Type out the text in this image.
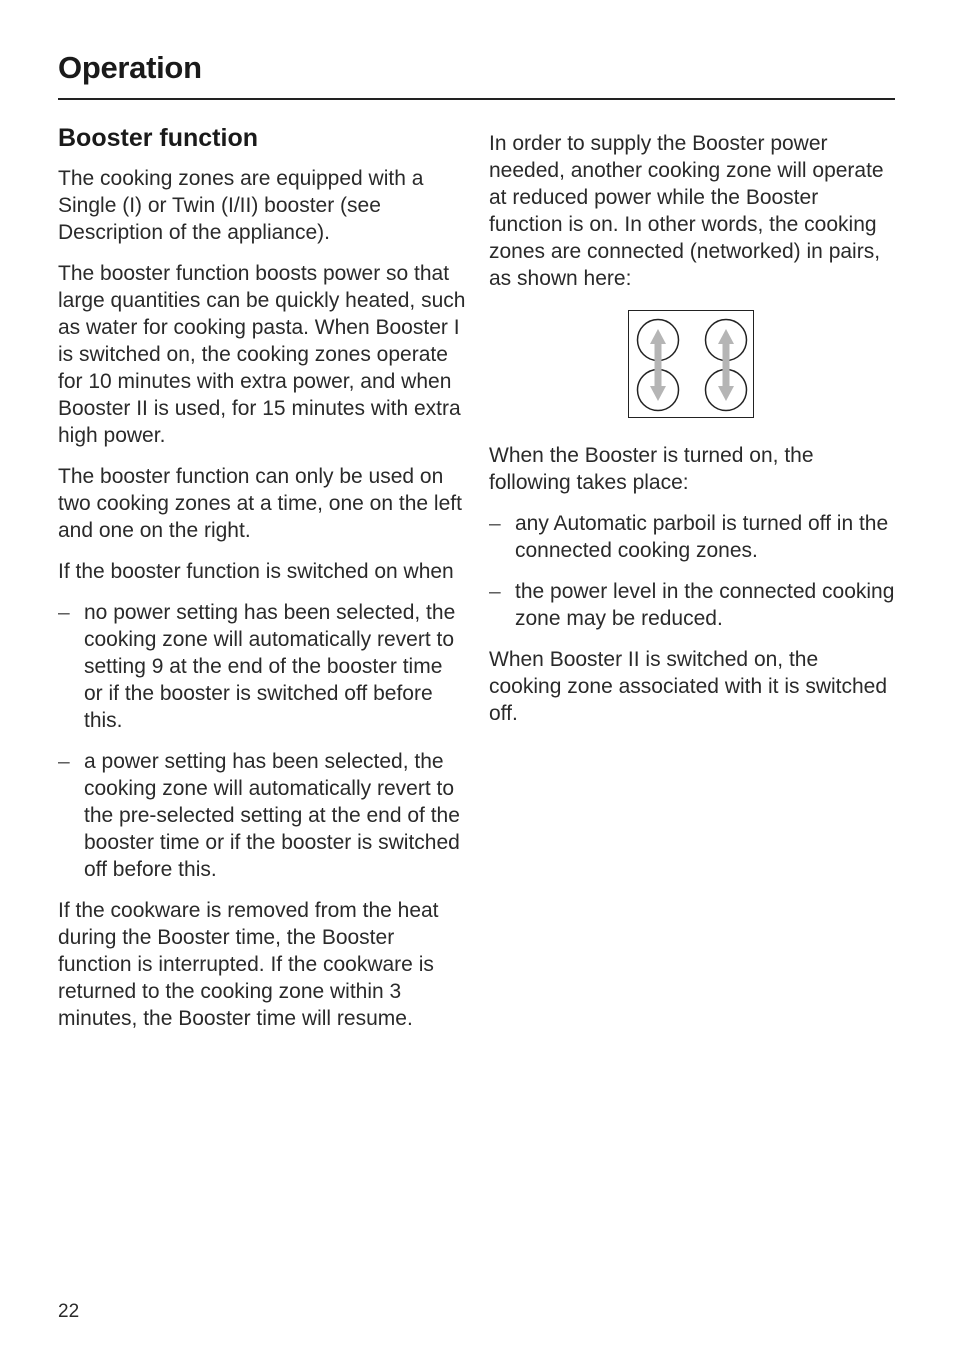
Operation
Booster function

The cooking zones are equipped with a Single (I) or Twin (I/II) booster (see Description of the appliance).

The booster function boosts power so that large quantities can be quickly heated, such as water for cooking pasta. When Booster I is switched on, the cooking zones operate for 10 minutes with extra power, and when Booster II is used, for 15 minutes with extra high power.

The booster function can only be used on two cooking zones at a time, one on the left and one on the right.

If the booster function is switched on when

– no power setting has been selected, the cooking zone will automatically revert to setting 9 at the end of the booster time or if the booster is switched off before this.
– a power setting has been selected, the cooking zone will automatically revert to the pre-selected setting at the end of the booster time or if the booster is switched off before this.

If the cookware is removed from the heat during the Booster time, the Booster function is interrupted. If the cookware is returned to the cooking zone within 3 minutes, the Booster time will resume.

In order to supply the Booster power needed, another cooking zone will operate at reduced power while the Booster function is on. In other words, the cooking zones are connected (networked) in pairs, as shown here:

When the Booster is turned on, the following takes place:

– any Automatic parboil is turned off in the connected cooking zones.
– the power level in the connected cooking zone may be reduced.

When Booster II is switched on, the cooking zone associated with it is switched off.

22
